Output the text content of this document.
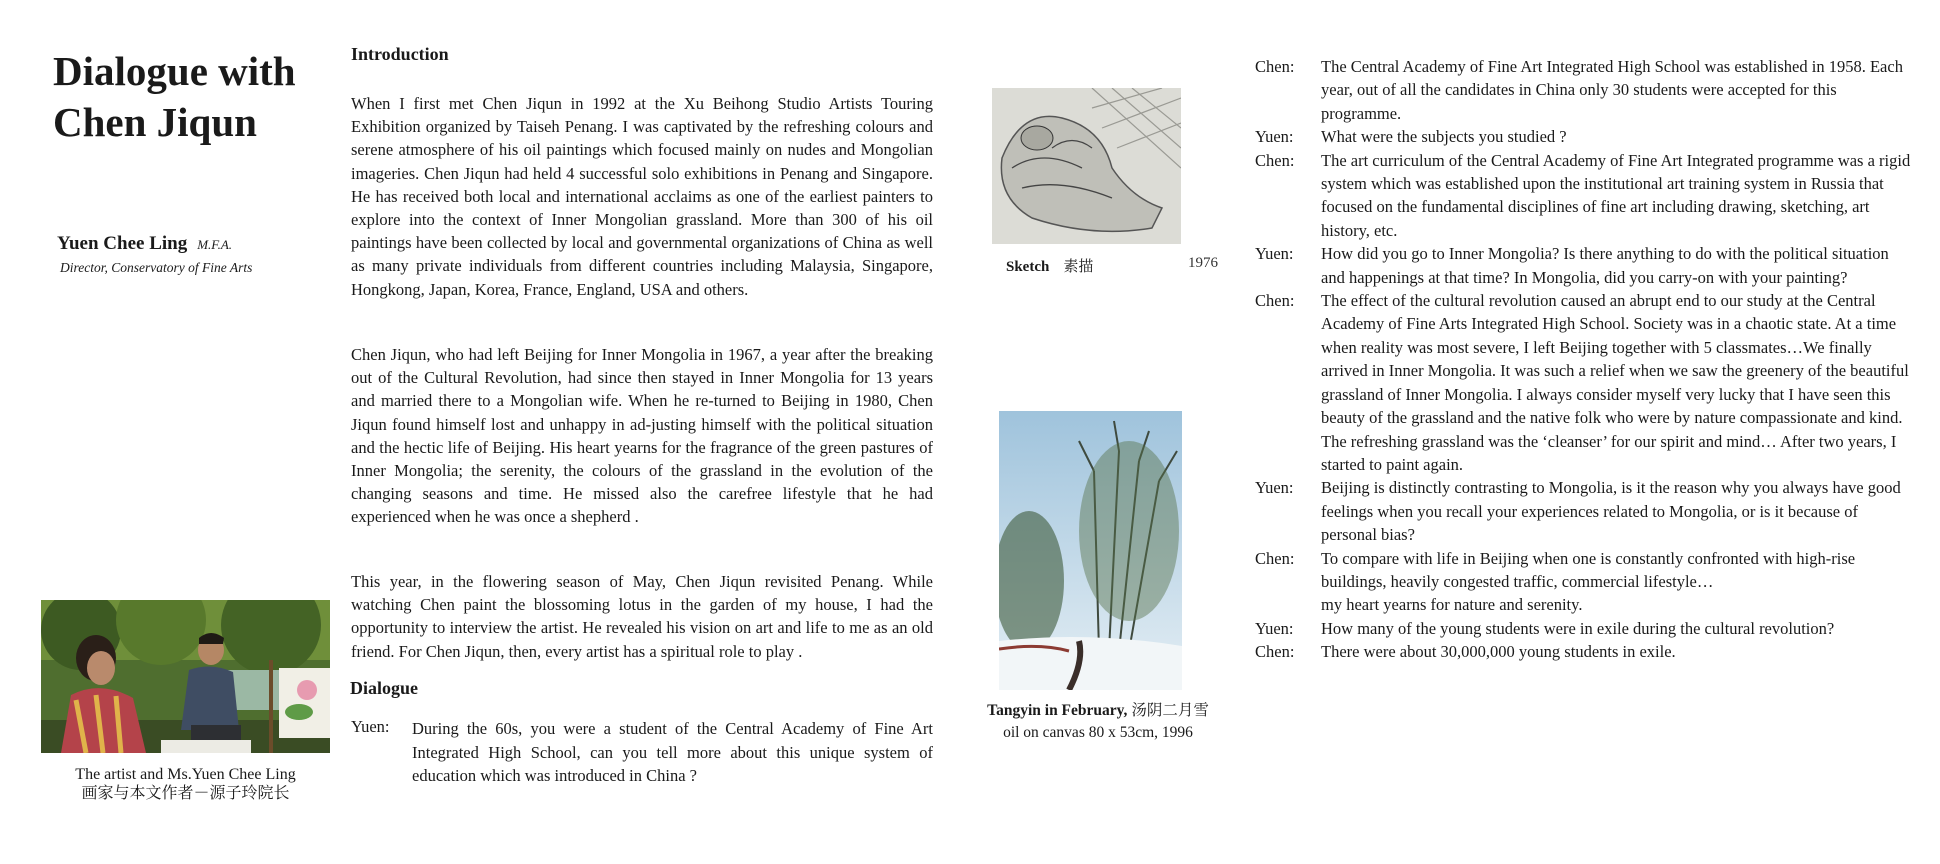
Dialogue with
Chen Jiqun
Yuen Chee Ling M.F.A.
Director, Conservatory of Fine Arts
The artist and Ms.Yuen Chee Ling
画家与本文作者－源子玲院长
Introduction
When I first met Chen Jiqun in 1992 at the Xu Beihong Studio Artists Touring Exhibition organized by Taiseh Penang. I was captivated by the refreshing colours and serene atmosphere of his oil paintings which focused mainly on nudes and Mongolian imageries. Chen Jiqun had held 4 successful solo exhibitions in Penang and Singapore. He has received both local and international acclaims as one of the earliest painters to explore into the context of Inner Mongolian grassland. More than 300 of his oil paintings have been collected by local and governmental organizations of China as well as many private individuals from different countries including Malaysia, Singapore, Hongkong, Japan, Korea, France, England, USA and others.
Chen Jiqun, who had left Beijing for Inner Mongolia in 1967, a year after the breaking out of the Cultural Revolution, had since then stayed in Inner Mongolia for 13 years and married there to a Mongolian wife. When he re-turned to Beijing in 1980, Chen Jiqun found himself lost and unhappy in ad-justing himself with the political situation and the hectic life of Beijing. His heart yearns for the fragrance of the green pastures of Inner Mongolia; the serenity, the colours of the grassland in the evolution of the changing seasons and time. He missed also the carefree lifestyle that he had experienced when he was once a shepherd .
This year, in the flowering season of May, Chen Jiqun revisited Penang. While watching Chen paint the blossoming lotus in the garden of my house, I had the opportunity to interview the artist. He revealed his vision on art and life to me as an old friend. For Chen Jiqun, then, every artist has a spiritual role to play .
Dialogue
Yuen: During the 60s, you were a student of the Central Academy of Fine Art Integrated High School, can you tell more about this unique system of education which was introduced in China ?
Sketch 素描	1976
Tangyin in February, 汤阴二月雪
oil on canvas 80 x 53cm, 1996
Chen:	The Central Academy of Fine Art Integrated High School was established in 1958. Each year, out of all the candidates in China only 30 students were accepted for this programme.
Yuen:	What were the subjects you studied ?
Chen:	The art curriculum of the Central Academy of Fine Art Integrated programme was a rigid system which was established upon the institutional art training system in Russia that focused on the fundamental disciplines of fine art including drawing, sketching, art history, etc.
Yuen:	How did you go to Inner Mongolia? Is there anything to do with the political situation and happenings at that time? In Mongolia, did you carry-on with your painting?
Chen:	The effect of the cultural revolution caused an abrupt end to our study at the Central Academy of Fine Arts Integrated High School. Society was in a chaotic state. At a time when reality was most severe, I left Beijing together with 5 classmates…We finally arrived in Inner Mongolia. It was such a relief when we saw the greenery of the beautiful grassland of Inner Mongolia. I always consider myself very lucky that I have seen this beauty of the grassland and the native folk who were by nature compassionate and kind. The refreshing grassland was the ‘cleanser’ for our spirit and mind… After two years, I started to paint again.
Yuen:	Beijing is distinctly contrasting to Mongolia, is it the reason why you always have good feelings when you recall your experiences related to Mongolia, or is it because of personal bias?
Chen:	To compare with life in Beijing when one is constantly confronted with high-rise buildings, heavily congested traffic, commercial lifestyle…
my heart yearns for nature and serenity.
Yuen:	How many of the young students were in exile during the cultural revolution?
Chen:	There were about 30,000,000 young students in exile.
